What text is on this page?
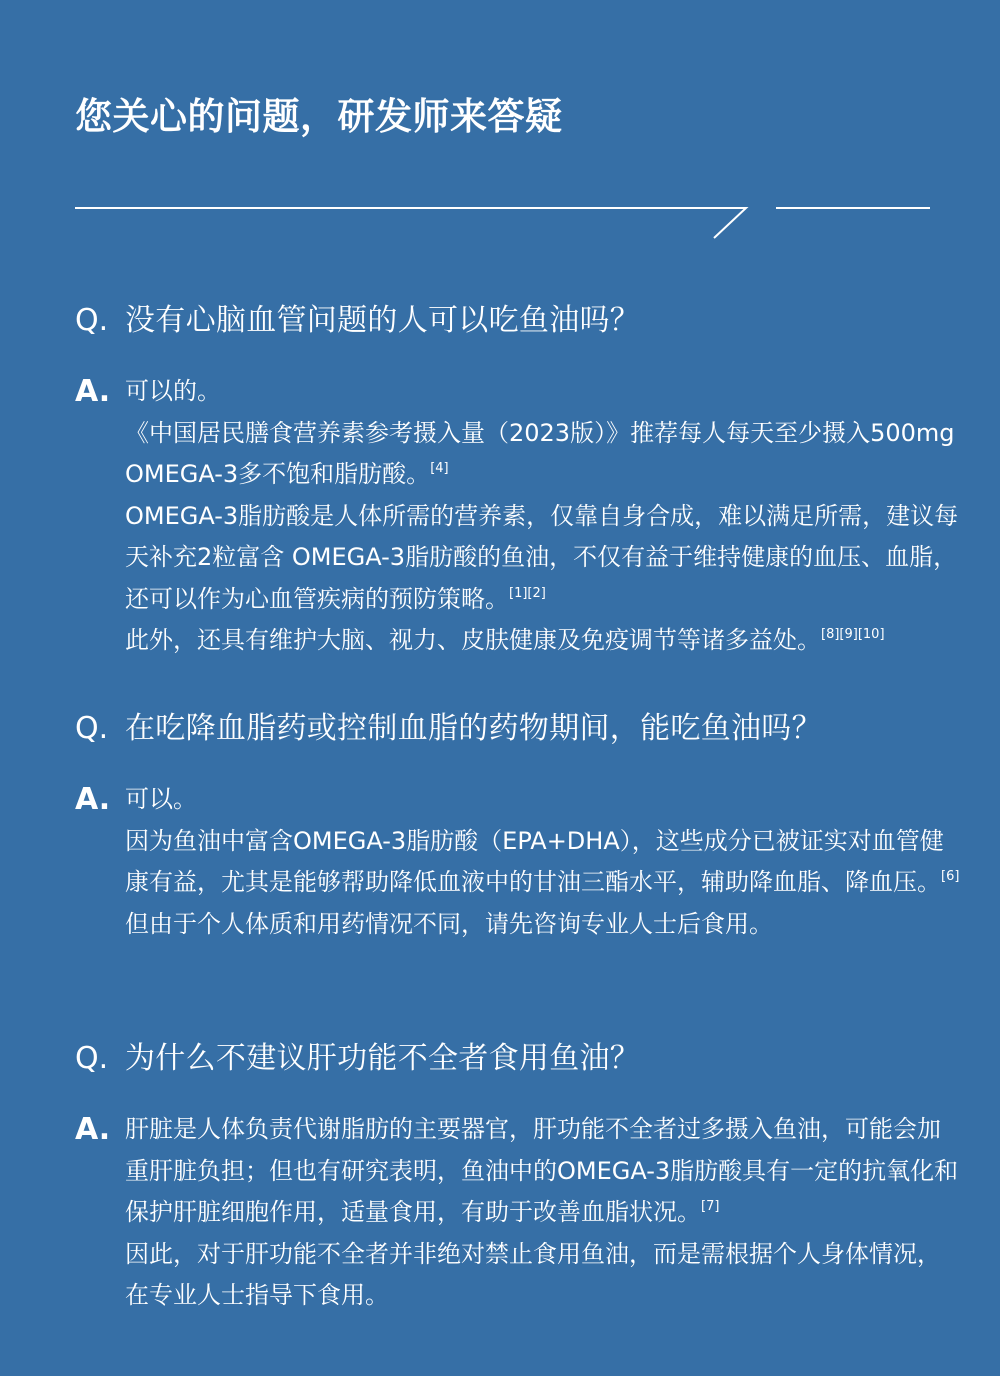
您关心的问题，研发师来答疑
Q. 没有心脑血管问题的人可以吃鱼油吗？
A. 可以的。

《中国居民膳食营养素参考摄入量（2023版）》推荐每人每天至少摄入500mg OMEGA-3多不饱和脂肪酸。[4]

OMEGA-3脂肪酸是人体所需的营养素，仅靠自身合成，难以满足所需，建议每天补充2粒富含 OMEGA-3脂肪酸的鱼油，不仅有益于维持健康的血压、血脂，还可以作为心血管疾病的预防策略。[1][2]

此外，还具有维护大脑、视力、皮肤健康及免疫调节等诸多益处。[8][9][10]

Q. 在吃降血脂药或控制血脂的药物期间，能吃鱼油吗？
A. 可以。

因为鱼油中富含OMEGA-3脂肪酸（EPA+DHA），这些成分已被证实对血管健康有益，尤其是能够帮助降低血液中的甘油三酯水平，辅助降血脂、降血压。[6] 但由于个人体质和用药情况不同，请先咨询专业人士后食用。

Q. 为什么不建议肝功能不全者食用鱼油？
A. 肝脏是人体负责代谢脂肪的主要器官，肝功能不全者过多摄入鱼油，可能会加重肝脏负担；但也有研究表明，鱼油中的OMEGA-3脂肪酸具有一定的抗氧化和保护肝脏细胞作用，适量食用，有助于改善血脂状况。[7]

因此，对于肝功能不全者并非绝对禁止食用鱼油，而是需根据个人身体情况，在专业人士指导下食用。
